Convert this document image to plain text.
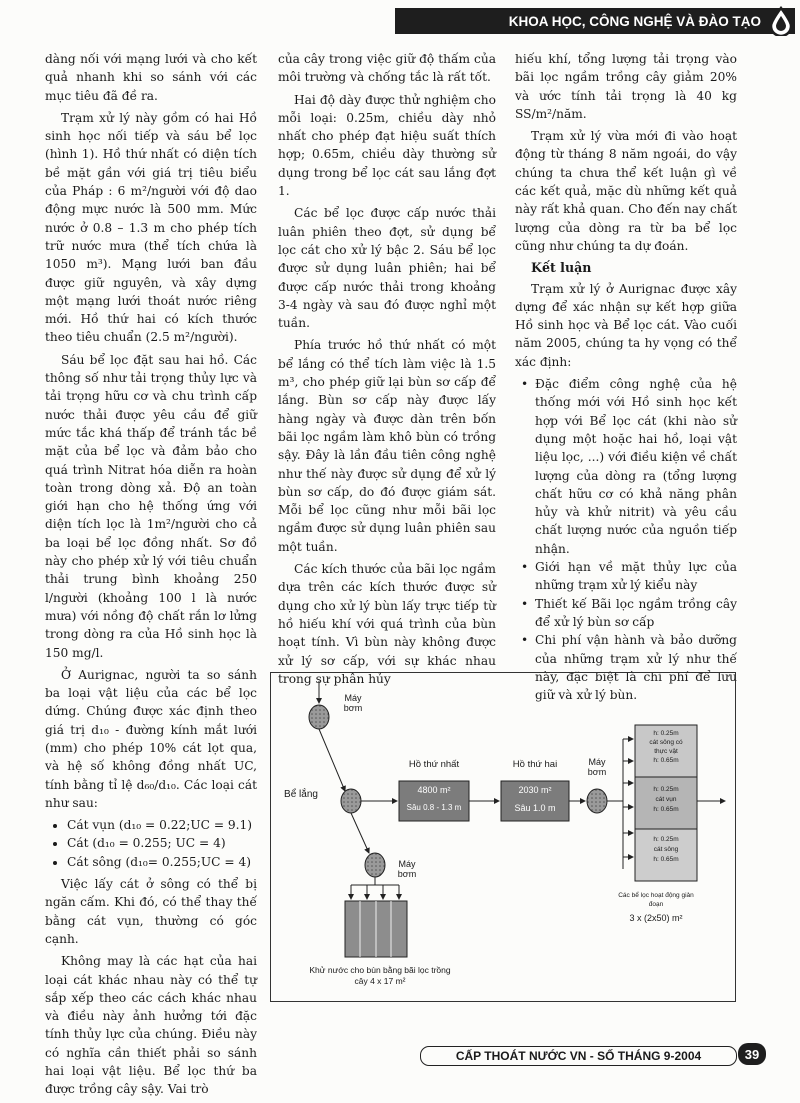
KHOA HỌC, CÔNG NGHỆ VÀ ĐÀO TẠO

dàng nối với mạng lưới và cho kết quả nhanh khi so sánh với các mục tiêu đã đề ra.

Trạm xử lý này gồm có hai Hồ sinh học nối tiếp và sáu bể lọc (hình 1). Hồ thứ nhất có diện tích bề mặt gần với giá trị tiêu biểu của Pháp : 6 m²/người với độ dao động mực nước là 500 mm. Mức nước ở 0.8 – 1.3 m cho phép tích trữ nước mưa (thể tích chứa là 1050 m³). Mạng lưới ban đầu được giữ nguyên, và xây dựng một mạng lưới thoát nước riêng mới. Hồ thứ hai có kích thước theo tiêu chuẩn (2.5 m²/người).

Sáu bể lọc đặt sau hai hồ. Các thông số như tải trọng thủy lực và tải trọng hữu cơ và chu trình cấp nước thải được yêu cầu để giữ mức tắc khá thấp để tránh tắc bề mặt của bể lọc và đảm bảo cho quá trình Nitrat hóa diễn ra hoàn toàn trong dòng xả. Độ an toàn giới hạn cho hệ thống ứng với diện tích lọc là 1m²/người cho cả ba loại bể lọc đồng nhất. Sơ đồ này cho phép xử lý với tiêu chuẩn thải trung bình khoảng 250 l/người (khoảng 100 l là nước mưa) với nồng độ chất rắn lơ lửng trong dòng ra của Hồ sinh học là 150 mg/l.

Ở Aurignac, người ta so sánh ba loại vật liệu của các bể lọc dứng. Chúng được xác định theo giá trị d₁₀ - đường kính mắt lưới (mm) cho phép 10% cát lọt qua, và hệ số không đồng nhất UC, tính bằng tỉ lệ d₆₀/d₁₀. Các loại cát như sau:

• Cát vụn (d₁₀ = 0.22;UC = 9.1)
• Cát (d₁₀ = 0.255; UC = 4)
• Cát sông (d₁₀= 0.255;UC = 4)

Việc lấy cát ở sông có thể bị ngăn cấm. Khi đó, có thể thay thế bằng cát vụn, thường có góc cạnh.

Không may là các hạt của hai loại cát khác nhau này có thể tự sắp xếp theo các cách khác nhau và điều này ảnh hưởng tới đặc tính thủy lực của chúng. Điều này có nghĩa cần thiết phải so sánh hai loại vật liệu. Bể lọc thứ ba được trồng cây sậy. Vai trò

của cây trong việc giữ độ thấm của môi trường và chống tắc là rất tốt.

Hai độ dày được thử nghiệm cho mỗi loại: 0.25m, chiều dày nhỏ nhất cho phép đạt hiệu suất thích hợp; 0.65m, chiều dày thường sử dụng trong bể lọc cát sau lắng đợt 1.

Các bể lọc được cấp nước thải luân phiên theo đợt, sử dụng bể lọc cát cho xử lý bậc 2. Sáu bể lọc được sử dụng luân phiên; hai bể được cấp nước thải trong khoảng 3-4 ngày và sau đó được nghỉ một tuần.

Phía trước hồ thứ nhất có một bể lắng có thể tích làm việc là 1.5 m³, cho phép giữ lại bùn sơ cấp để lắng. Bùn sơ cấp này được lấy hàng ngày và được dàn trên bốn bãi lọc ngầm làm khô bùn có trồng sậy. Đây là lần đầu tiên công nghệ như thế này được sử dụng để xử lý bùn sơ cấp, do đó được giám sát. Mỗi bể lọc cũng như mỗi bãi lọc ngầm được sử dụng luân phiên sau một tuần.

Các kích thước của bãi lọc ngầm dựa trên các kích thước được sử dụng cho xử lý bùn lấy trực tiếp từ hồ hiếu khí với quá trình của bùn hoạt tính. Vì bùn này không được xử lý sơ cấp, với sự khác nhau trong sự phân hủy

hiếu khí, tổng lượng tải trọng vào bãi lọc ngầm trồng cây giảm 20% và ước tính tải trọng là 40 kg SS/m²/năm.

Trạm xử lý vừa mới đi vào hoạt động từ tháng 8 năm ngoái, do vậy chúng ta chưa thể kết luận gì về các kết quả, mặc dù những kết quả này rất khả quan. Cho đến nay chất lượng của dòng ra từ ba bể lọc cũng như chúng ta dự đoán.

Kết luận

Trạm xử lý ở Aurignac được xây dựng để xác nhận sự kết hợp giữa Hồ sinh học và Bể lọc cát. Vào cuối năm 2005, chúng ta hy vọng có thể xác định:

• Đặc điểm công nghệ của hệ thống mới với Hồ sinh học kết hợp với Bể lọc cát (khi nào sử dụng một hoặc hai hồ, loại vật liệu lọc, ...) với điều kiện về chất lượng của dòng ra (tổng lượng chất hữu cơ có khả năng phân hủy và khử nitrit) và yêu cầu chất lượng nước của nguồn tiếp nhận.
• Giới hạn về mặt thủy lực của những trạm xử lý kiểu này
• Thiết kế Bãi lọc ngầm trồng cây để xử lý bùn sơ cấp
• Chi phí vận hành và bảo dưỡng của những trạm xử lý như thế này, đặc biệt là chi phí để lưu giữ và xử lý bùn.
Máy bơm
Bể lắng
Hồ thứ nhất
4800 m²
Sâu 0.8 - 1.3 m
Hồ thứ hai
2030 m²
Sâu 1.0 m
Máy bơm
Máy bơm
h: 0.25m
cát sông có
thực vật
h: 0.65m
h: 0.25m
cát vụn
h: 0.65m
h: 0.25m
cát sông
h: 0.65m
Các bể lọc hoạt động giản đoạn
3 x (2x50) m²
Khử nước cho bùn bằng bãi lọc trồng cây 4 x 17 m²
CẤP THOÁT NƯỚC VN - SỐ THÁNG 9-2004	39
